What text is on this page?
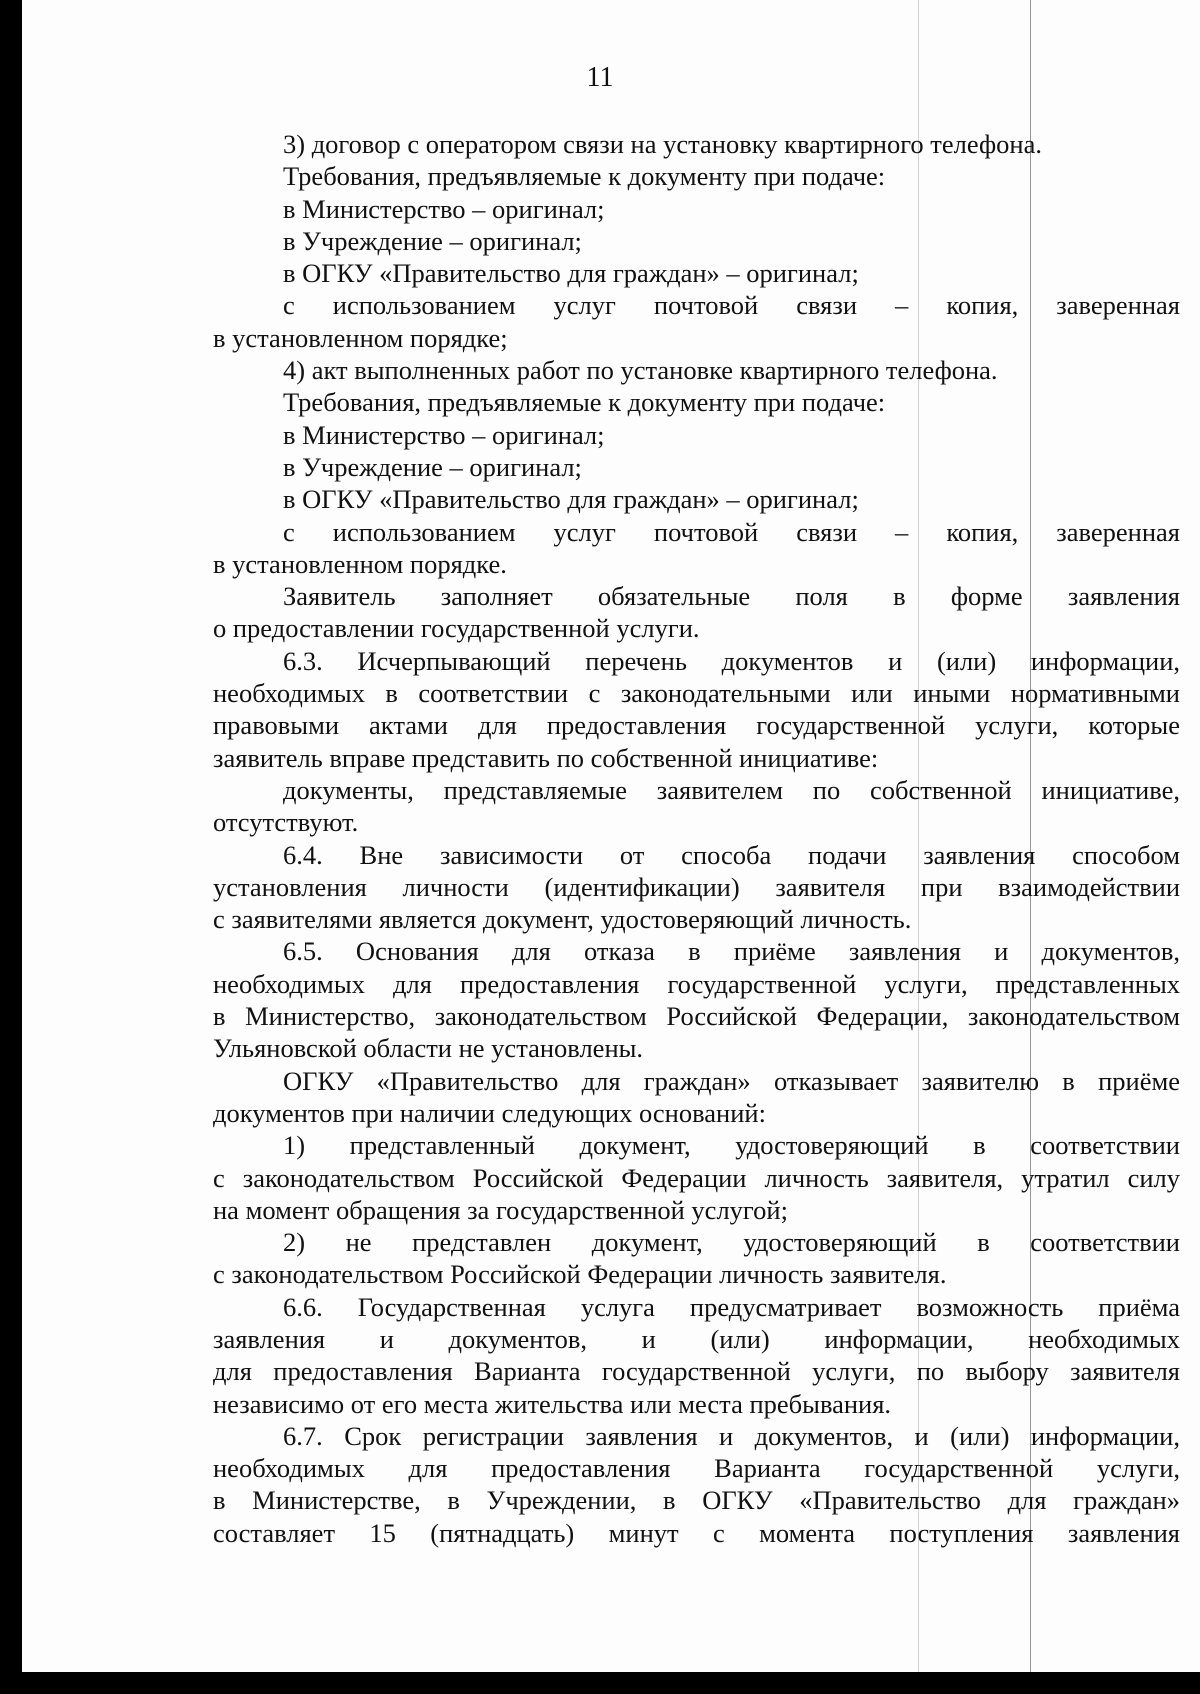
11
3) договор с оператором связи на установку квартирного телефона.
Требования, предъявляемые к документу при подаче:
в Министерство – оригинал;
в Учреждение – оригинал;
в ОГКУ «Правительство для граждан» – оригинал;
с использованием услуг почтовой связи – копия, заверенная
в установленном порядке;
4) акт выполненных работ по установке квартирного телефона.
Требования, предъявляемые к документу при подаче:
в Министерство – оригинал;
в Учреждение – оригинал;
в ОГКУ «Правительство для граждан» – оригинал;
с использованием услуг почтовой связи – копия, заверенная
в установленном порядке.
Заявитель заполняет обязательные поля в форме заявления
о предоставлении государственной услуги.
6.3. Исчерпывающий перечень документов и (или) информации,
необходимых в соответствии с законодательными или иными нормативными
правовыми актами для предоставления государственной услуги, которые
заявитель вправе представить по собственной инициативе:
документы, представляемые заявителем по собственной инициативе,
отсутствуют.
6.4. Вне зависимости от способа подачи заявления способом
установления личности (идентификации) заявителя при взаимодействии
с заявителями является документ, удостоверяющий личность.
6.5. Основания для отказа в приёме заявления и документов,
необходимых для предоставления государственной услуги, представленных
в Министерство, законодательством Российской Федерации, законодательством
Ульяновской области не установлены.
ОГКУ «Правительство для граждан» отказывает заявителю в приёме
документов при наличии следующих оснований:
1) представленный документ, удостоверяющий в соответствии
с законодательством Российской Федерации личность заявителя, утратил силу
на момент обращения за государственной услугой;
2) не представлен документ, удостоверяющий в соответствии
с законодательством Российской Федерации личность заявителя.
6.6. Государственная услуга предусматривает возможность приёма
заявления и документов, и (или) информации, необходимых
для предоставления Варианта государственной услуги, по выбору заявителя
независимо от его места жительства или места пребывания.
6.7. Срок регистрации заявления и документов, и (или) информации,
необходимых для предоставления Варианта государственной услуги,
в Министерстве, в Учреждении, в ОГКУ «Правительство для граждан»
составляет 15 (пятнадцать) минут с момента поступления заявления
